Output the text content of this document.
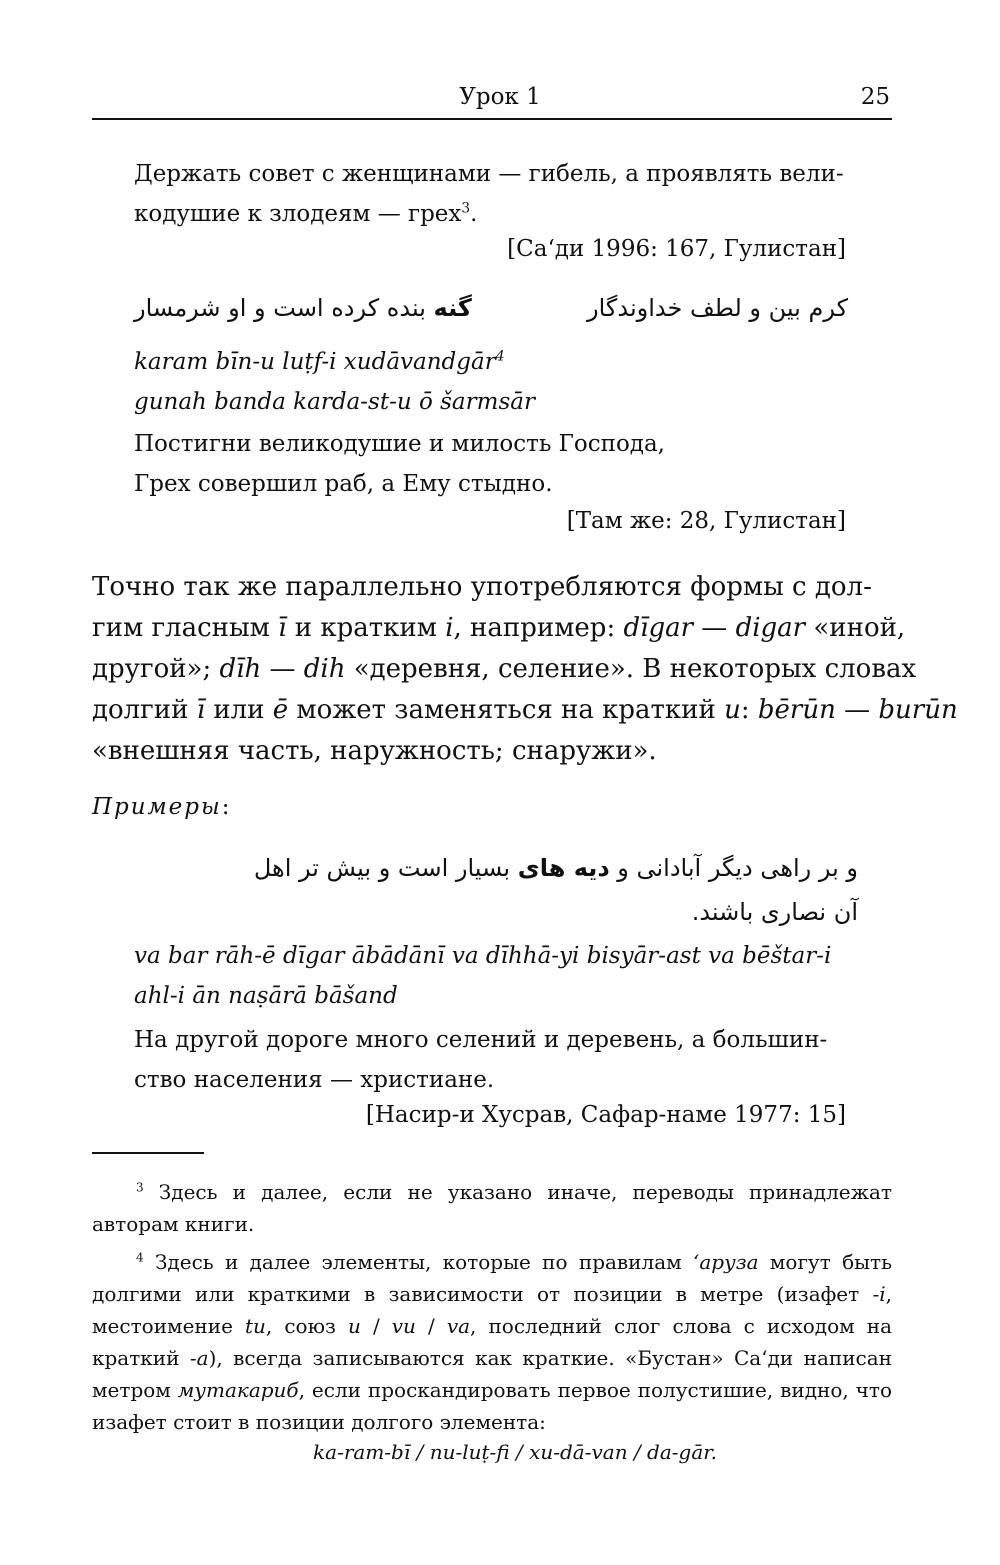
Урок 1	25
Держать совет с женщинами — гибель, а проявлять вели-
кодушие к злодеям — грех$^3$.
[Са‘ди 1996: 167, Гулистан]
کرم بین و لطف خداوندگار
گنه بنده کرده است و او شرمسار
karam bīn-u luṭf-i xudāvandgār$^4$
gunah banda karda-st-u ō šarmsār
Постигни великодушие и милость Господа,
Грех совершил раб, а Ему стыдно.
[Там же: 28, Гулистан]
Точно так же параллельно употребляются формы с дол-
гим гласным ī и кратким i , например: dīgar — digar «иной,
другой»; dīh — dih «деревня, селение». В некоторых словах
долгий ī или ē может заменяться на краткий u: bērūn — burūn
«внешняя часть, наружность; снаружи».
Примеры:
و بر راهی دیگر آبادانی و دیه های بسیار است و بیش تر اهل
آن نصاری باشند.
va bar rāh-ē dīgar ābādānī va dīhhā-yi bisyār-ast va bēštar-i
ahl-i ān naṣārā bāšand
На другой дороге много селений и деревень, а большин-
ство населения — христиане.
[Насир-и Хусрав, Сафар-наме 1977: 15]
$^3$ Здесь и далее, если не указано иначе, переводы принадлежат авторам книги.
$^4$ Здесь и далее элементы, которые по правилам ‘аруза могут быть долгими или краткими в зависимости от позиции в метре (изафет -i, местоимение tu, союз u / vu / va, последний слог слова с исходом на краткий -a), всегда записываются как краткие. «Бустан» Са‘ди написан метром мутакариб, если проскандировать первое полустишие, видно, что изафет стоит в позиции долгого элемента:
ka-ram-bī / nu-luṭ-fi / xu-dā-van / da-gār.
